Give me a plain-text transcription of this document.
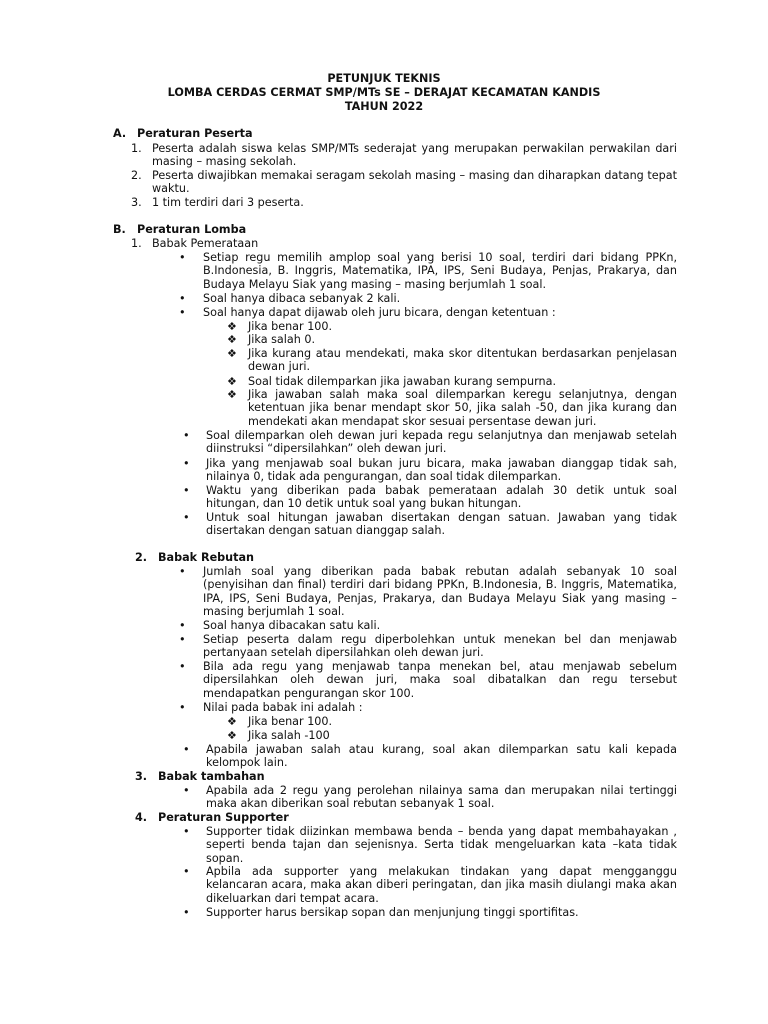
PETUNJUK TEKNIS
LOMBA CERDAS CERMAT SMP/MTs SE – DERAJAT KECAMATAN KANDIS
TAHUN 2022
A. Peraturan Peserta
1. Peserta adalah siswa kelas SMP/MTs sederajat yang merupakan perwakilan perwakilan dari masing – masing sekolah.
2. Peserta diwajibkan memakai seragam sekolah masing – masing dan diharapkan datang tepat waktu.
3. 1 tim terdiri dari 3 peserta.
B. Peraturan Lomba
1. Babak Pemerataan
• Setiap regu memilih amplop soal yang berisi 10 soal, terdiri dari bidang PPKn, B.Indonesia, B. Inggris, Matematika, IPA, IPS, Seni Budaya, Penjas, Prakarya, dan Budaya Melayu Siak yang masing – masing berjumlah 1 soal.
• Soal hanya dibaca sebanyak 2 kali.
• Soal hanya dapat dijawab oleh juru bicara, dengan ketentuan :
❖ Jika benar 100.
❖ Jika salah 0.
❖ Jika kurang atau mendekati, maka skor ditentukan berdasarkan penjelasan dewan juri.
❖ Soal tidak dilemparkan jika jawaban kurang sempurna.
❖ Jika jawaban salah maka soal dilemparkan keregu selanjutnya, dengan ketentuan jika benar mendapt skor 50, jika salah -50, dan jika kurang dan mendekati akan mendapat skor sesuai persentase dewan juri.
• Soal dilemparkan oleh dewan juri kepada regu selanjutnya dan menjawab setelah diinstruksi “dipersilahkan” oleh dewan juri.
• Jika yang menjawab soal bukan juru bicara, maka jawaban dianggap tidak sah, nilainya 0, tidak ada pengurangan, dan soal tidak dilemparkan.
• Waktu yang diberikan pada babak pemerataan adalah 30 detik untuk soal hitungan, dan 10 detik untuk soal yang bukan hitungan.
• Untuk soal hitungan jawaban disertakan dengan satuan. Jawaban yang tidak disertakan dengan satuan dianggap salah.
2. Babak Rebutan
• Jumlah soal yang diberikan pada babak rebutan adalah sebanyak 10 soal (penyisihan dan final) terdiri dari bidang PPKn, B.Indonesia, B. Inggris, Matematika, IPA, IPS, Seni Budaya, Penjas, Prakarya, dan Budaya Melayu Siak yang masing – masing berjumlah 1 soal.
• Soal hanya dibacakan satu kali.
• Setiap peserta dalam regu diperbolehkan untuk menekan bel dan menjawab pertanyaan setelah dipersilahkan oleh dewan juri.
• Bila ada regu yang menjawab tanpa menekan bel, atau menjawab sebelum dipersilahkan oleh dewan juri, maka soal dibatalkan dan regu tersebut mendapatkan pengurangan skor 100.
• Nilai pada babak ini adalah :
❖ Jika benar 100.
❖ Jika salah -100
• Apabila jawaban salah atau kurang, soal akan dilemparkan satu kali kepada kelompok lain.
3. Babak tambahan
• Apabila ada 2 regu yang perolehan nilainya sama dan merupakan nilai tertinggi maka akan diberikan soal rebutan sebanyak 1 soal.
4. Peraturan Supporter
• Supporter tidak diizinkan membawa benda – benda yang dapat membahayakan , seperti benda tajan dan sejenisnya. Serta tidak mengeluarkan kata –kata tidak sopan.
• Apbila ada supporter yang melakukan tindakan yang dapat mengganggu kelancaran acara, maka akan diberi peringatan, dan jika masih diulangi maka akan dikeluarkan dari tempat acara.
• Supporter harus bersikap sopan dan menjunjung tinggi sportifitas.
